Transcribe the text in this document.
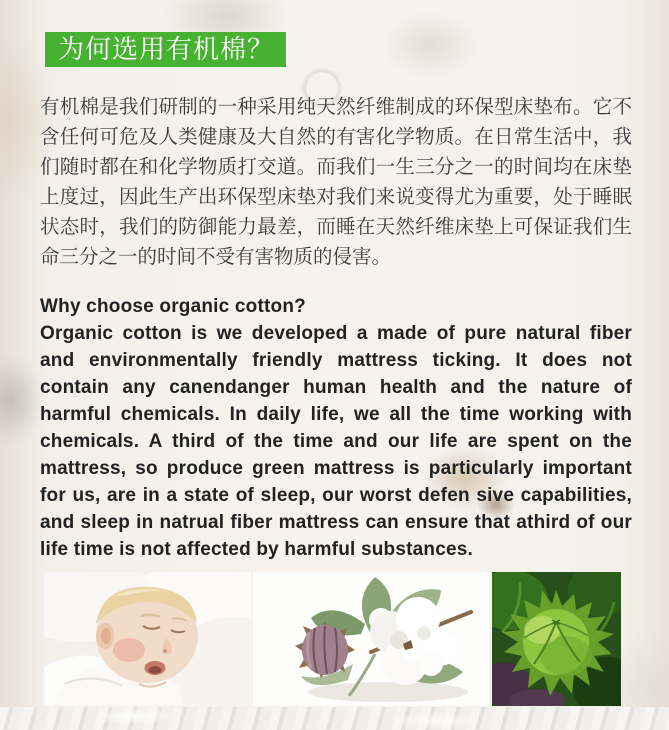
为何选用有机棉？
有机棉是我们研制的一种采用纯天然纤维制成的环保型床垫布。它不
含任何可危及人类健康及大自然的有害化学物质。在日常生活中，我
们随时都在和化学物质打交道。而我们一生三分之一的时间均在床垫
上度过，因此生产出环保型床垫对我们来说变得尤为重要，处于睡眠
状态时，我们的防御能力最差，而睡在天然纤维床垫上可保证我们生
命三分之一的时间不受有害物质的侵害。
Why choose organic cotton?
Organic cotton is we developed a made of pure natural fiber
and environmentally friendly mattress ticking. It does not
contain any canendanger human health and the nature of
harmful chemicals. In daily life, we all the time working with
chemicals. A third of the time and our life are spent on the
mattress, so produce green mattress is particularly important
for us, are in a state of sleep, our worst defen sive capabilities,
and sleep in natrual fiber mattress can ensure that athird of our
life time is not affected by harmful substances.
